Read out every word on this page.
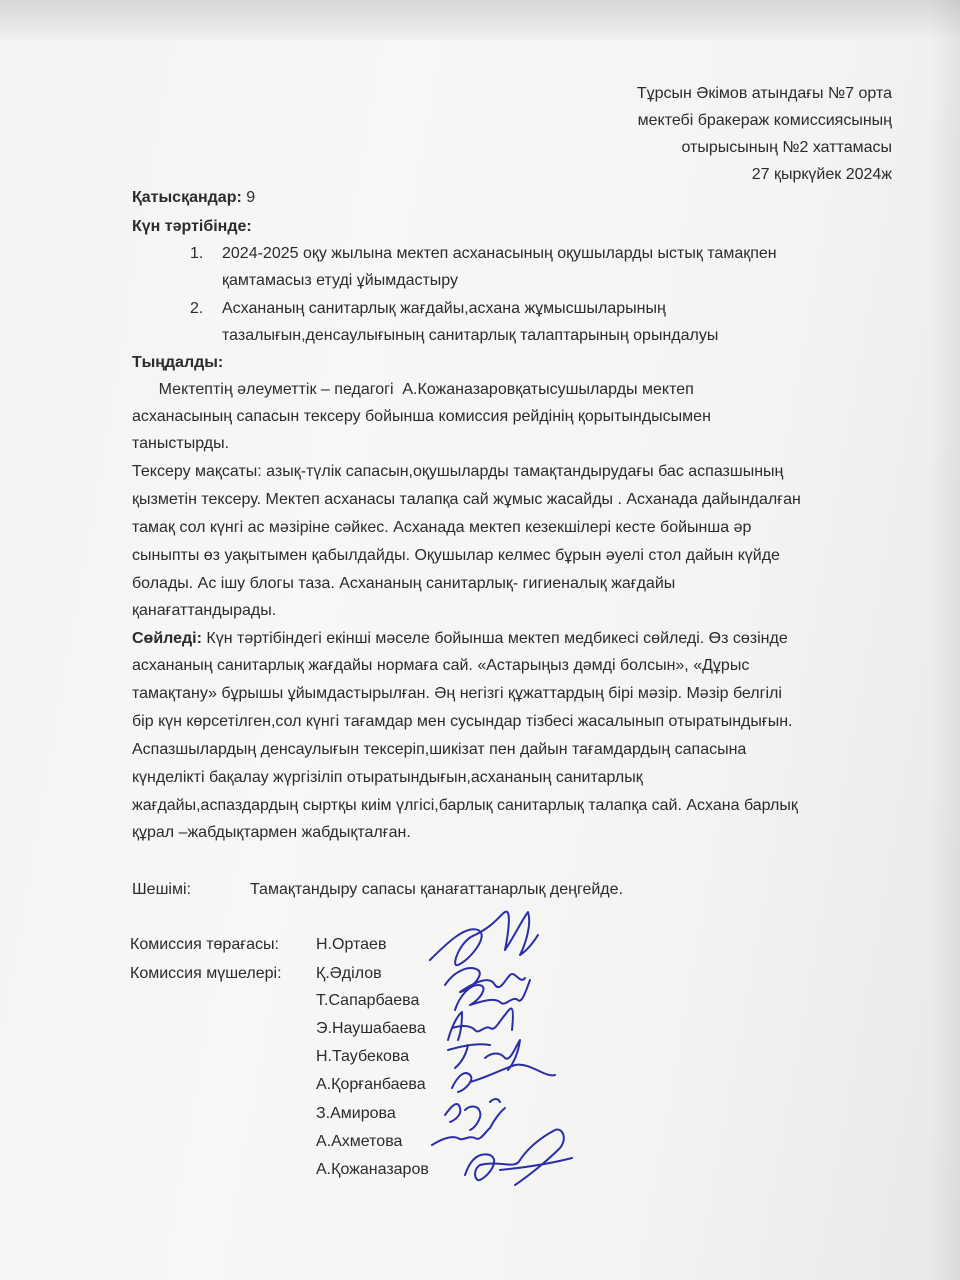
Тұрсын Әкімов атындағы №7 орта
мектебі бракераж комиссиясының
отырысының №2 хаттамасы
27 қыркүйек 2024ж
Қатысқандар: 9
Күн тәртібінде:
1. 2024-2025 оқу жылына мектеп асханасының оқушыларды ыстық тамақпен
қамтамасыз етуді ұйымдастыру
2. Асхананың санитарлық жағдайы,асхана жұмысшыларының
тазалығын,денсаулығының санитарлық талаптарының орындалуы
Тыңдалды:
Мектептің әлеуметтік – педагогі  А.Кожаназаровқатысушыларды мектеп
асханасының сапасын тексеру бойынша комиссия рейдінің қорытындысымен
таныстырды.
Тексеру мақсаты: азық-түлік сапасын,оқушыларды тамақтандырудағы бас аспазшының
қызметін тексеру. Мектеп асханасы талапқа сай жұмыс жасайды . Асханада дайындалған
тамақ сол күнгі ас мәзіріне сәйкес. Асханада мектеп кезекшілері кесте бойынша әр
сыныпты өз уақытымен қабылдайды. Оқушылар келмес бұрын әуелі стол дайын күйде
болады. Ас ішу блогы таза. Асхананың санитарлық- гигиеналық жағдайы
қанағаттандырады.
Сөйледі: Күн тәртібіндегі екінші мәселе бойынша мектеп медбикесі сөйледі. Өз сөзінде
асхананың санитарлық жағдайы нормаға сай. «Астарыңыз дәмді болсын», «Дұрыс
тамақтану» бұрышы ұйымдастырылған. Әң негізгі құжаттардың бірі мәзір. Мәзір белгілі
бір күн көрсетілген,сол күнгі тағамдар мен сусындар тізбесі жасалынып отыратындығын.
Аспазшылардың денсаулығын тексеріп,шикізат пен дайын тағамдардың сапасына
күнделікті бақалау жүргізіліп отыратындығын,асхананың санитарлық
жағдайы,аспаздардың сыртқы киім үлгісі,барлық санитарлық талапқа сай. Асхана барлық
құрал –жабдықтармен жабдықталған.
Шешімі:	Тамақтандыру сапасы қанағаттанарлық деңгейде.
Комиссия төрағасы: Н.Ортаев
Комиссия мүшелері: Қ.Әділов
Т.Сапарбаева
Э.Наушабаева
Н.Таубекова
А.Қорғанбаева
З.Амирова
А.Ахметова
А.Қожаназаров
